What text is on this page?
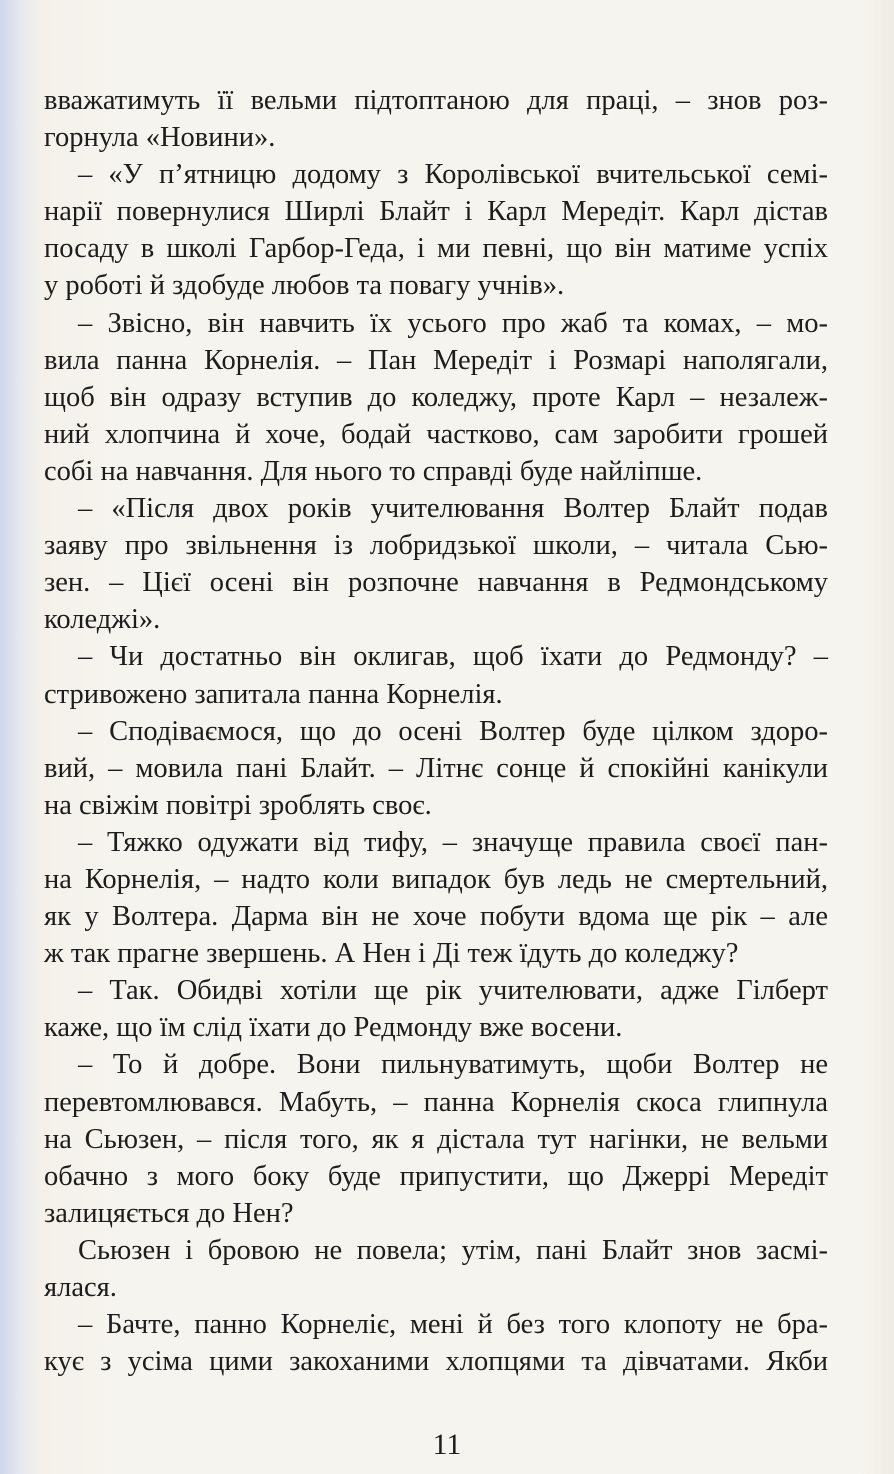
вважатимуть її вельми підтоптаною для праці, – знов роз-
горнула «Новини».
– «У п’ятницю додому з Королівської вчительської семі-
нарії повернулися Ширлі Блайт і Карл Мередіт. Карл дістав
посаду в школі Гарбор-Геда, і ми певні, що він матиме успіх
у роботі й здобуде любов та повагу учнів».
– Звісно, він навчить їх усього про жаб та комах, – мо-
вила панна Корнелія. – Пан Мередіт і Розмарі наполягали,
щоб він одразу вступив до коледжу, проте Карл – незалеж-
ний хлопчина й хоче, бодай частково, сам заробити грошей
собі на навчання. Для нього то справді буде найліпше.
– «Після двох років учителювання Волтер Блайт подав
заяву про звільнення із лобридзької школи, – читала Сью-
зен. – Цієї осені він розпочне навчання в Редмондському
коледжі».
– Чи достатньо він оклигав, щоб їхати до Редмонду? –
стривожено запитала панна Корнелія.
– Сподіваємося, що до осені Волтер буде цілком здоро-
вий, – мовила пані Блайт. – Літнє сонце й спокійні канікули
на свіжім повітрі зроблять своє.
– Тяжко одужати від тифу, – значуще правила своєї пан-
на Корнелія, – надто коли випадок був ледь не смертельний,
як у Волтера. Дарма він не хоче побути вдома ще рік – але
ж так прагне звершень. А Нен і Ді теж їдуть до коледжу?
– Так. Обидві хотіли ще рік учителювати, адже Гілберт
каже, що їм слід їхати до Редмонду вже восени.
– То й добре. Вони пильнуватимуть, щоби Волтер не
перевтомлювався. Мабуть, – панна Корнелія скоса глипнула
на Сьюзен, – після того, як я дістала тут нагінки, не вельми
обачно з мого боку буде припустити, що Джеррі Мередіт
залицяється до Нен?
Сьюзен і бровою не повела; утім, пані Блайт знов засмі-
ялася.
– Бачте, панно Корнеліє, мені й без того клопоту не бра-
кує з усіма цими закоханими хлопцями та дівчатами. Якби
11
